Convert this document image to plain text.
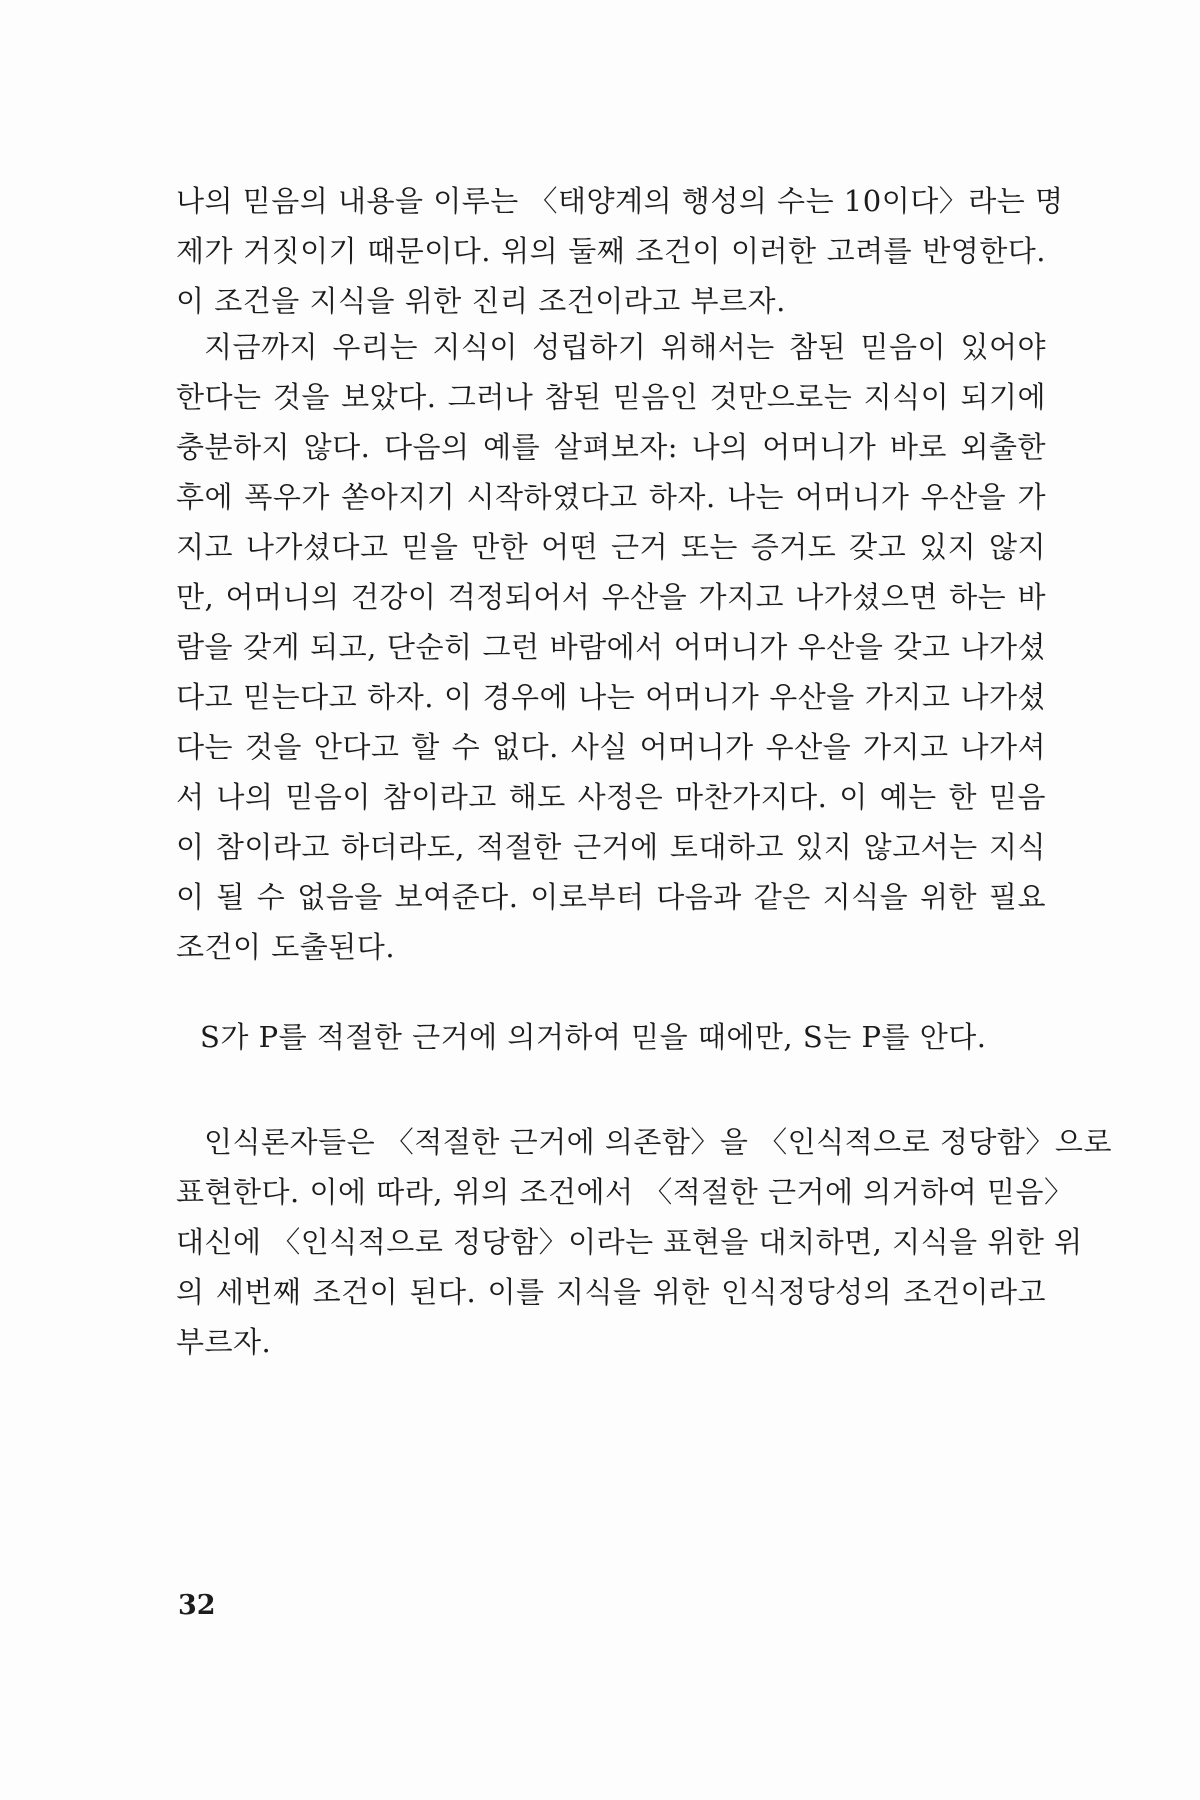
나의 믿음의 내용을 이루는 〈태양계의 행성의 수는 10이다〉라는 명
제가 거짓이기 때문이다. 위의 둘째 조건이 이러한 고려를 반영한다.
이 조건을 지식을 위한 진리 조건이라고 부르자.
지금까지 우리는 지식이 성립하기 위해서는 참된 믿음이 있어야
한다는 것을 보았다. 그러나 참된 믿음인 것만으로는 지식이 되기에
충분하지 않다. 다음의 예를 살펴보자: 나의 어머니가 바로 외출한
후에 폭우가 쏟아지기 시작하였다고 하자. 나는 어머니가 우산을 가
지고 나가셨다고 믿을 만한 어떤 근거 또는 증거도 갖고 있지 않지
만, 어머니의 건강이 걱정되어서 우산을 가지고 나가셨으면 하는 바
람을 갖게 되고, 단순히 그런 바람에서 어머니가 우산을 갖고 나가셨
다고 믿는다고 하자. 이 경우에 나는 어머니가 우산을 가지고 나가셨
다는 것을 안다고 할 수 없다. 사실 어머니가 우산을 가지고 나가셔
서 나의 믿음이 참이라고 해도 사정은 마찬가지다. 이 예는 한 믿음
이 참이라고 하더라도, 적절한 근거에 토대하고 있지 않고서는 지식
이 될 수 없음을 보여준다. 이로부터 다음과 같은 지식을 위한 필요
조건이 도출된다.
S가 P를 적절한 근거에 의거하여 믿을 때에만, S는 P를 안다.
인식론자들은 〈적절한 근거에 의존함〉을 〈인식적으로 정당함〉으로
표현한다. 이에 따라, 위의 조건에서 〈적절한 근거에 의거하여 믿음〉
대신에 〈인식적으로 정당함〉이라는 표현을 대치하면, 지식을 위한 위
의 세번째 조건이 된다. 이를 지식을 위한 인식정당성의 조건이라고
부르자.
32
